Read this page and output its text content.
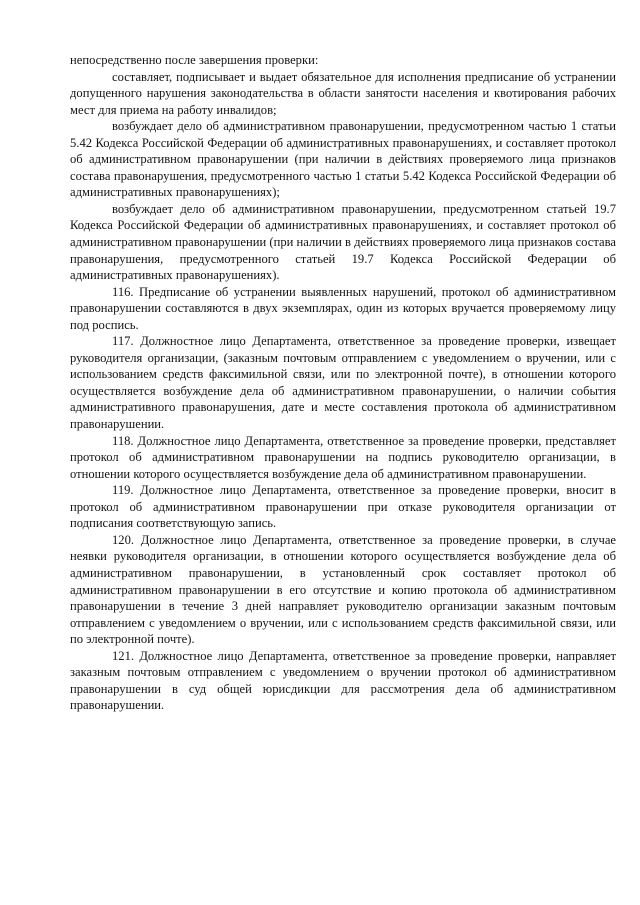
непосредственно после завершения проверки:

составляет, подписывает и выдает обязательное для исполнения предписание об устранении допущенного нарушения законодательства в области занятости населения и квотирования рабочих мест для приема на работу инвалидов;

возбуждает дело об административном правонарушении, предусмотренном частью 1 статьи 5.42 Кодекса Российской Федерации об административных правонарушениях, и составляет протокол об административном правонарушении (при наличии в действиях проверяемого лица признаков состава правонарушения, предусмотренного частью 1 статьи 5.42 Кодекса Российской Федерации об административных правонарушениях);

возбуждает дело об административном правонарушении, предусмотренном статьей 19.7 Кодекса Российской Федерации об административных правонарушениях, и составляет протокол об административном правонарушении (при наличии в действиях проверяемого лица признаков состава правонарушения, предусмотренного статьей 19.7 Кодекса Российской Федерации об административных правонарушениях).

116. Предписание об устранении выявленных нарушений, протокол об административном правонарушении составляются в двух экземплярах, один из которых вручается проверяемому лицу под роспись.

117. Должностное лицо Департамента, ответственное за проведение проверки, извещает руководителя организации, (заказным почтовым отправлением с уведомлением о вручении, или с использованием средств факсимильной связи, или по электронной почте), в отношении которого осуществляется возбуждение дела об административном правонарушении, о наличии события административного правонарушения, дате и месте составления протокола об административном правонарушении.

118. Должностное лицо Департамента, ответственное за проведение проверки, представляет протокол об административном правонарушении на подпись руководителю организации, в отношении которого осуществляется возбуждение дела об административном правонарушении.

119. Должностное лицо Департамента, ответственное за проведение проверки, вносит в протокол об административном правонарушении при отказе руководителя организации от подписания соответствующую запись.

120. Должностное лицо Департамента, ответственное за проведение проверки, в случае неявки руководителя организации, в отношении которого осуществляется возбуждение дела об административном правонарушении, в установленный срок составляет протокол об административном правонарушении в его отсутствие и копию протокола об административном правонарушении в течение 3 дней направляет руководителю организации заказным почтовым отправлением с уведомлением о вручении, или с использованием средств факсимильной связи, или по электронной почте).

121. Должностное лицо Департамента, ответственное за проведение проверки, направляет заказным почтовым отправлением с уведомлением о вручении протокол об административном правонарушении в суд общей юрисдикции для рассмотрения дела об административном правонарушении.
